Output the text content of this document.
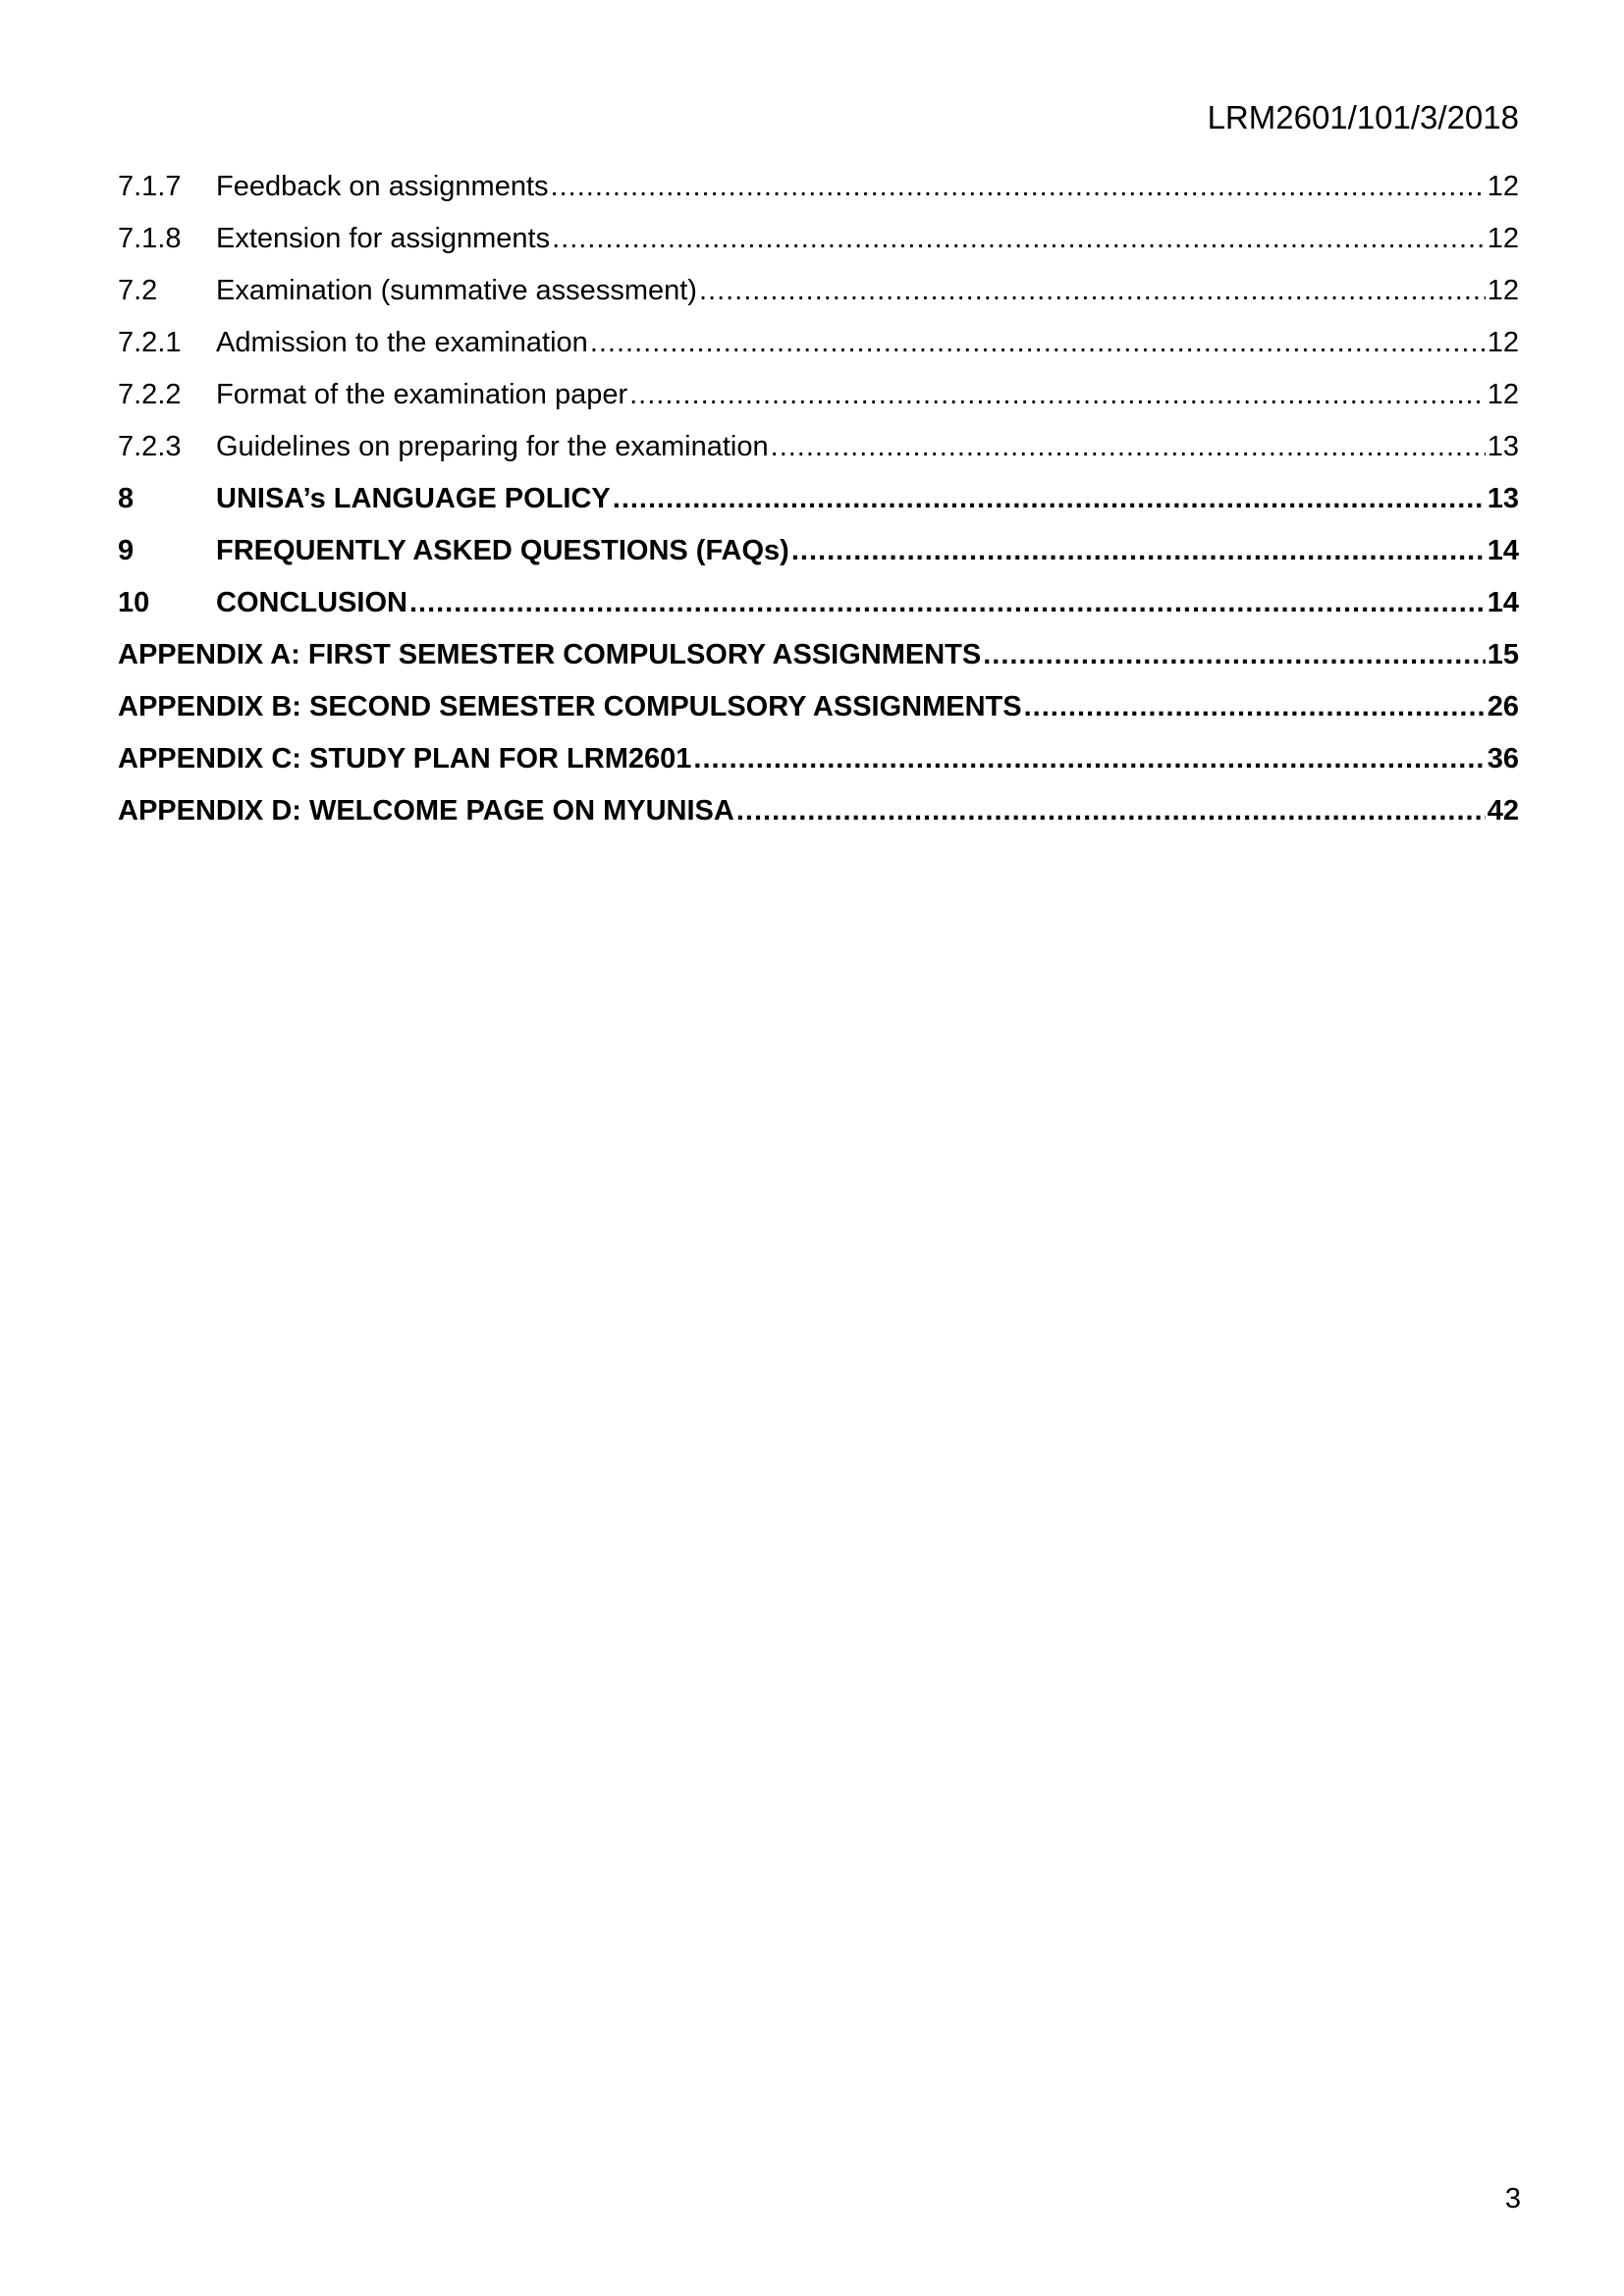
LRM2601/101/3/2018
7.1.7	Feedback on assignments .....	12
7.1.8	Extension for assignments .....	12
7.2	Examination (summative assessment) .....	12
7.2.1	Admission to the examination .....	12
7.2.2	Format of the examination paper .....	12
7.2.3	Guidelines on preparing for the examination .....	13
8	UNISA’s LANGUAGE POLICY .....	13
9	FREQUENTLY ASKED QUESTIONS (FAQs) .....	14
10	CONCLUSION .....	14
APPENDIX A: FIRST SEMESTER COMPULSORY ASSIGNMENTS .....	15
APPENDIX B: SECOND SEMESTER COMPULSORY ASSIGNMENTS .....	26
APPENDIX C: STUDY PLAN FOR LRM2601 .....	36
APPENDIX D: WELCOME PAGE ON MYUNISA .....	42
3
